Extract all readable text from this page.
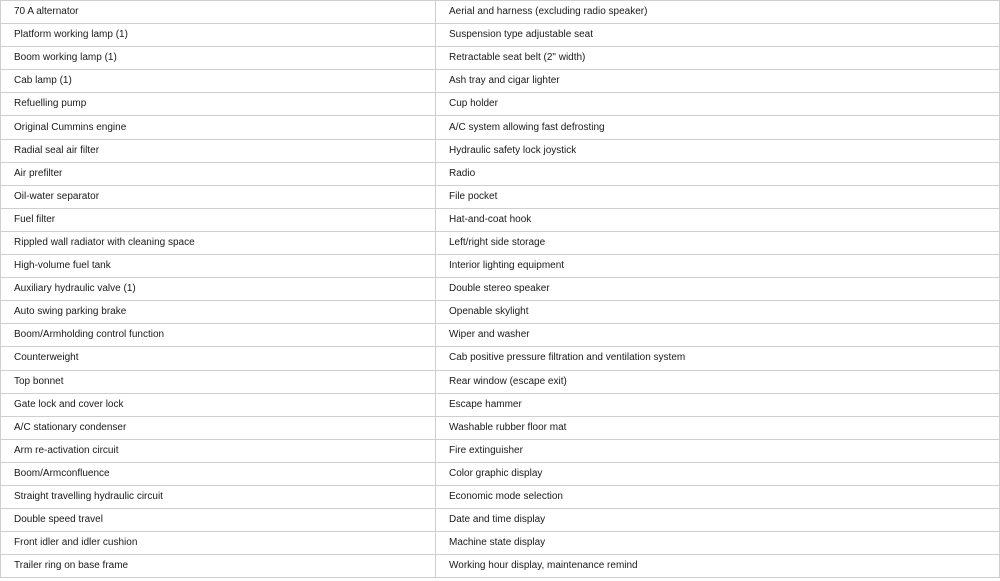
70 A alternator	Aerial and harness (excluding radio speaker)
Platform working lamp (1)	Suspension type adjustable seat
Boom working lamp (1)	Retractable seat belt (2" width)
Cab lamp (1)	Ash tray and cigar lighter
Refuelling pump	Cup holder
Original Cummins engine	A/C system allowing fast defrosting
Radial seal air filter	Hydraulic safety lock joystick
Air prefilter	Radio
Oil-water separator	File pocket
Fuel filter	Hat-and-coat hook
Rippled wall radiator with cleaning space	Left/right side storage
High-volume fuel tank	Interior lighting equipment
Auxiliary hydraulic valve (1)	Double stereo speaker
Auto swing parking brake	Openable skylight
Boom/Armholding control function	Wiper and washer
Counterweight	Cab positive pressure filtration and ventilation system
Top bonnet	Rear window (escape exit)
Gate lock and cover lock	Escape hammer
A/C stationary condenser	Washable rubber floor mat
Arm re-activation circuit	Fire extinguisher
Boom/Armconfluence	Color graphic display
Straight travelling hydraulic circuit	Economic mode selection
Double speed travel	Date and time display
Front idler and idler cushion	Machine state display
Trailer ring on base frame	Working hour display, maintenance remind
